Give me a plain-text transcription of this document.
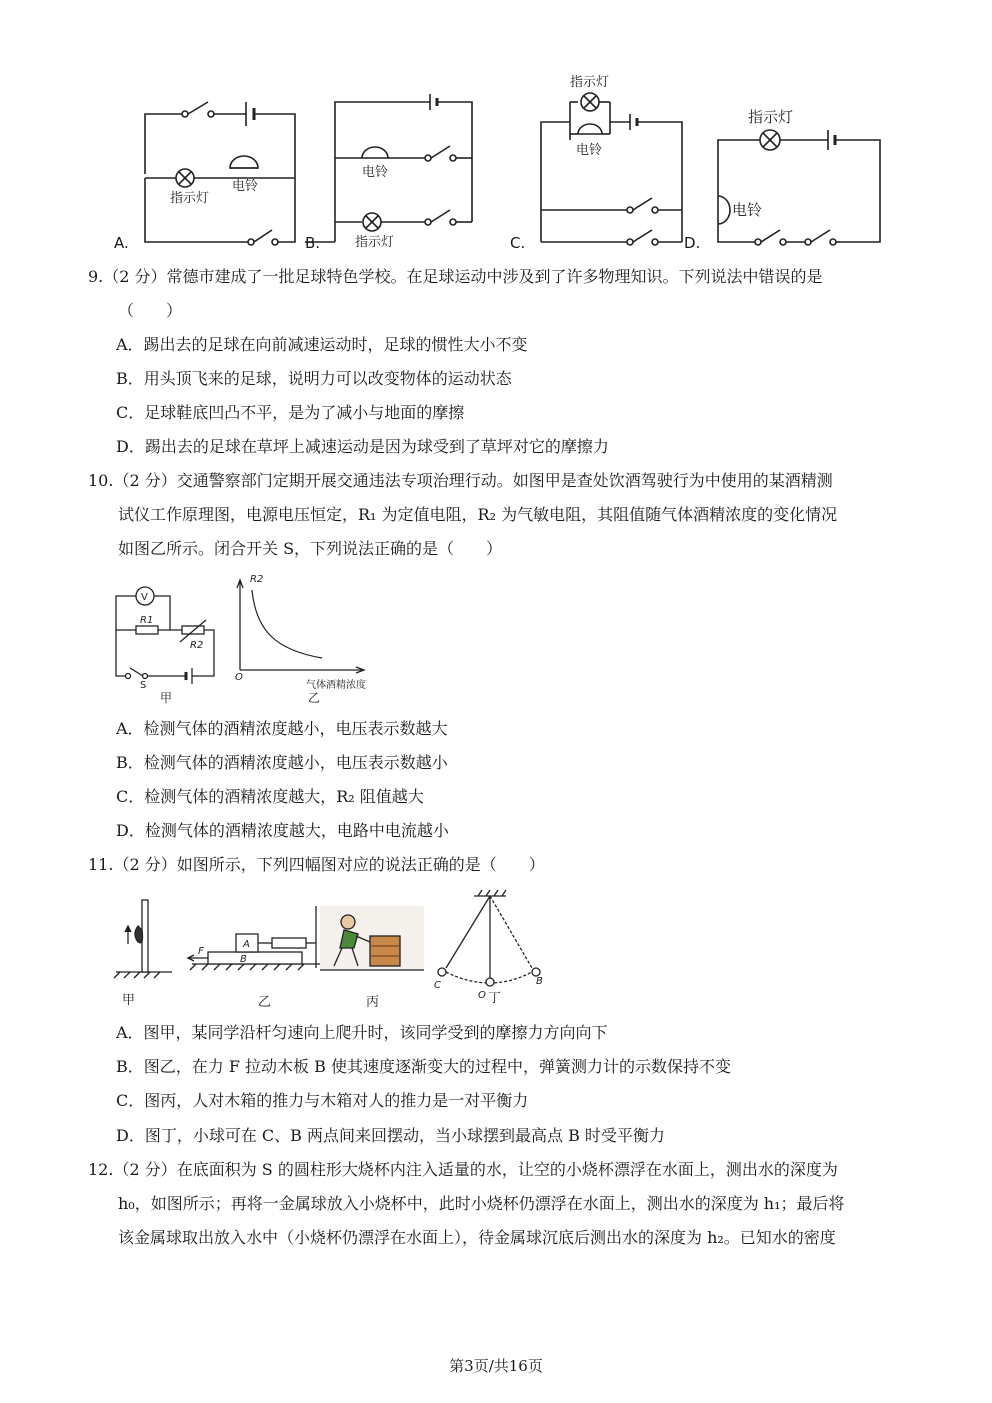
指示灯
电铃
电铃
指示灯
指示灯
电铃
指示灯
电铃
A.	B.	C.	D.
9.（2 分）常德市建成了一批足球特色学校。在足球运动中涉及到了许多物理知识。下列说法中错误的是
（　　）
A．踢出去的足球在向前减速运动时，足球的惯性大小不变
B．用头顶飞来的足球，说明力可以改变物体的运动状态
C．足球鞋底凹凸不平，是为了减小与地面的摩擦
D．踢出去的足球在草坪上减速运动是因为球受到了草坪对它的摩擦力
10.（2 分）交通警察部门定期开展交通违法专项治理行动。如图甲是查处饮酒驾驶行为中使用的某酒精测
试仪工作原理图，电源电压恒定，R₁ 为定值电阻，R₂ 为气敏电阻，其阻值随气体酒精浓度的变化情况
如图乙所示。闭合开关 S，下列说法正确的是（　　）
V
R1
R2
S
甲
R2
O
气体酒精浓度
乙
A．检测气体的酒精浓度越小，电压表示数越大
B．检测气体的酒精浓度越小，电压表示数越小
C．检测气体的酒精浓度越大，R₂ 阻值越大
D．检测气体的酒精浓度越大，电路中电流越小
11.（2 分）如图所示，下列四幅图对应的说法正确的是（　　）
F
A
B
C
O
B
甲	乙	丙	丁
A．图甲，某同学沿杆匀速向上爬升时，该同学受到的摩擦力方向向下
B．图乙，在力 F 拉动木板 B 使其速度逐渐变大的过程中，弹簧测力计的示数保持不变
C．图丙，人对木箱的推力与木箱对人的推力是一对平衡力
D．图丁，小球可在 C、B 两点间来回摆动，当小球摆到最高点 B 时受平衡力
12.（2 分）在底面积为 S 的圆柱形大烧杯内注入适量的水，让空的小烧杯漂浮在水面上，测出水的深度为
h₀，如图所示；再将一金属球放入小烧杯中，此时小烧杯仍漂浮在水面上，测出水的深度为 h₁；最后将
该金属球取出放入水中（小烧杯仍漂浮在水面上），待金属球沉底后测出水的深度为 h₂。已知水的密度
第3页/共16页
